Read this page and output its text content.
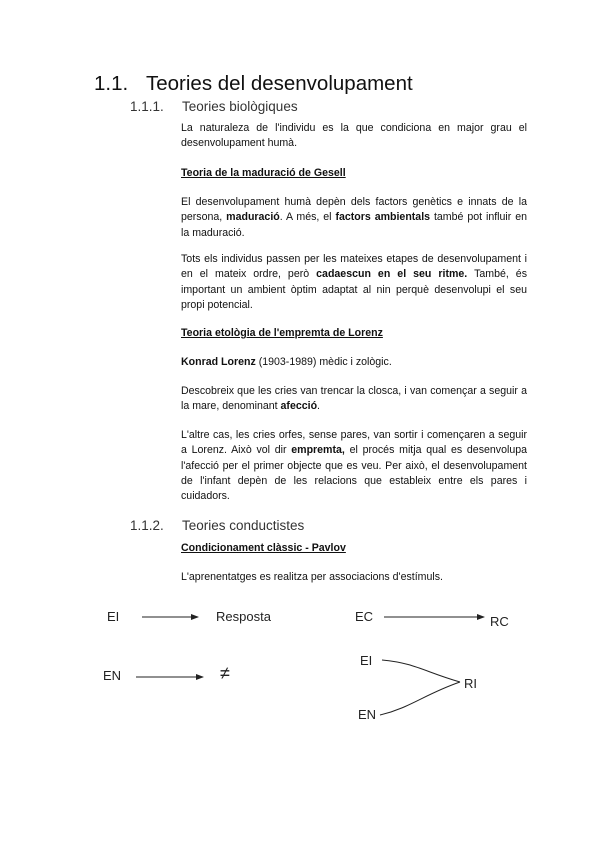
1.1. Teories del desenvolupament
1.1.1. Teories biològiques

La naturaleza de l'individu es la que condiciona en major grau el desenvolupament humà.

Teoria de la maduració de Gesell

El desenvolupament humà depèn dels factors genètics e innats de la persona, maduració. A més, el factors ambientals també pot influir en la maduració.

Tots els individus passen per les mateixes etapes de desenvolupament i en el mateix ordre, però cadaescun en el seu ritme. També, és important un ambient òptim adaptat al nin perquè desenvolupi el seu propi potencial.

Teoria etològia de l'empremta de Lorenz

Konrad Lorenz (1903-1989) mèdic i zològic.

Descobreix que les cries van trencar la closca, i van començar a seguir a la mare, denominant afecció.

L'altre cas, les cries orfes, sense pares, van sortir i començaren a seguir a Lorenz. Això vol dir empremta, el procés mitja qual es desenvolupa l'afecció per el primer objecte que es veu. Per això, el desenvolupament de l'infant depèn de les relacions que estableix entre els pares i cuidadors.

1.1.2. Teories conductistes

Condicionament clàssic - Pavlov

L'aprenentatges es realitza per associacions d'estímuls.

EI	Resposta
EN	≠
EC	RC
EI
RI
EN
